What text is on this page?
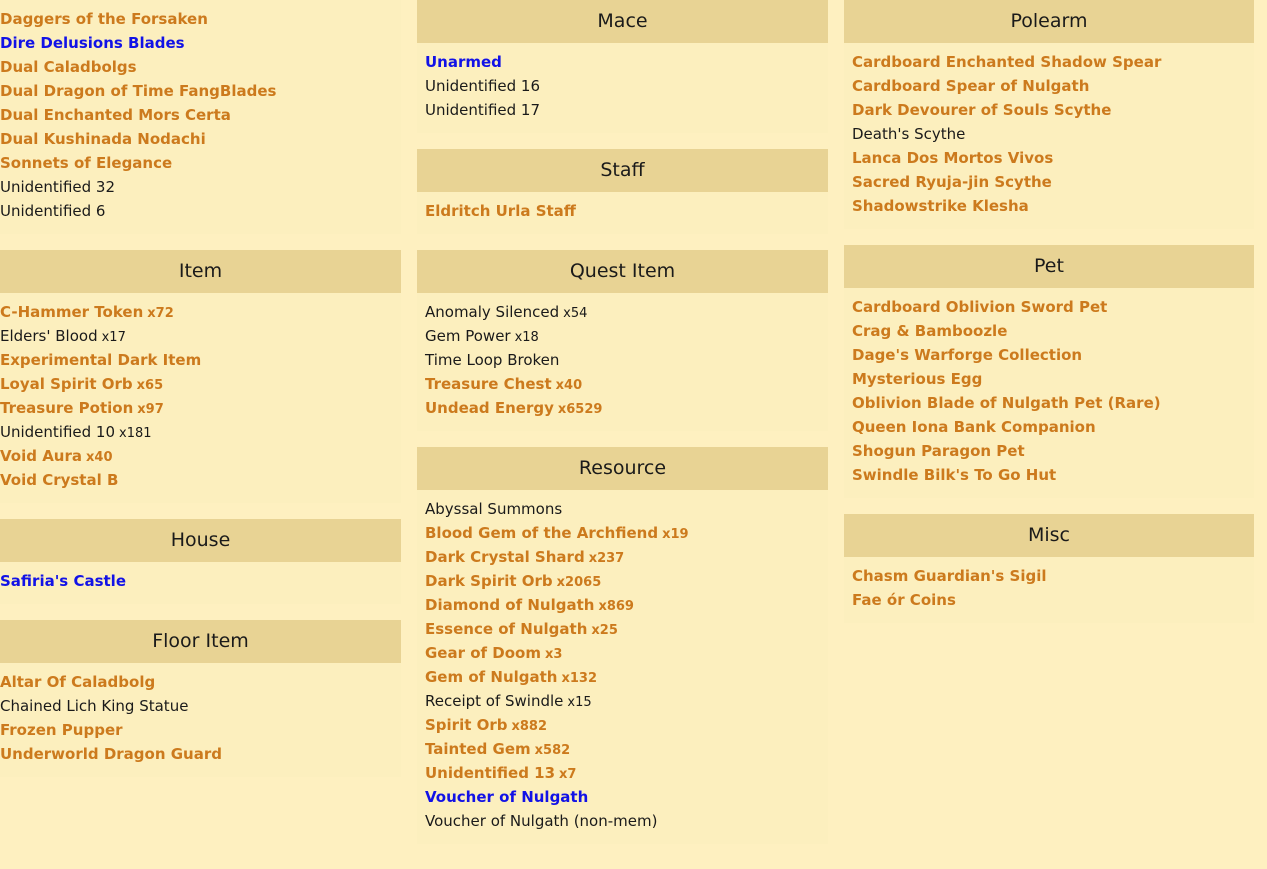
Daggers of the Forsaken
Dire Delusions Blades
Dual Caladbolgs
Dual Dragon of Time FangBlades
Dual Enchanted Mors Certa
Dual Kushinada Nodachi
Sonnets of Elegance
Unidentified 32
Unidentified 6
Item
C-Hammer Token x72
Elders' Blood x17
Experimental Dark Item
Loyal Spirit Orb x65
Treasure Potion x97
Unidentified 10 x181
Void Aura x40
Void Crystal B
House
Safiria's Castle
Floor Item
Altar Of Caladbolg
Chained Lich King Statue
Frozen Pupper
Underworld Dragon Guard
Mace
Unarmed
Unidentified 16
Unidentified 17
Staff
Eldritch Urla Staff
Quest Item
Anomaly Silenced x54
Gem Power x18
Time Loop Broken
Treasure Chest x40
Undead Energy x6529
Resource
Abyssal Summons
Blood Gem of the Archfiend x19
Dark Crystal Shard x237
Dark Spirit Orb x2065
Diamond of Nulgath x869
Essence of Nulgath x25
Gear of Doom x3
Gem of Nulgath x132
Receipt of Swindle x15
Spirit Orb x882
Tainted Gem x582
Unidentified 13 x7
Voucher of Nulgath
Voucher of Nulgath (non-mem)
Polearm
Cardboard Enchanted Shadow Spear
Cardboard Spear of Nulgath
Dark Devourer of Souls Scythe
Death's Scythe
Lanca Dos Mortos Vivos
Sacred Ryuja-jin Scythe
Shadowstrike Klesha
Pet
Cardboard Oblivion Sword Pet
Crag & Bamboozle
Dage's Warforge Collection
Mysterious Egg
Oblivion Blade of Nulgath Pet (Rare)
Queen Iona Bank Companion
Shogun Paragon Pet
Swindle Bilk's To Go Hut
Misc
Chasm Guardian's Sigil
Fae ór Coins
